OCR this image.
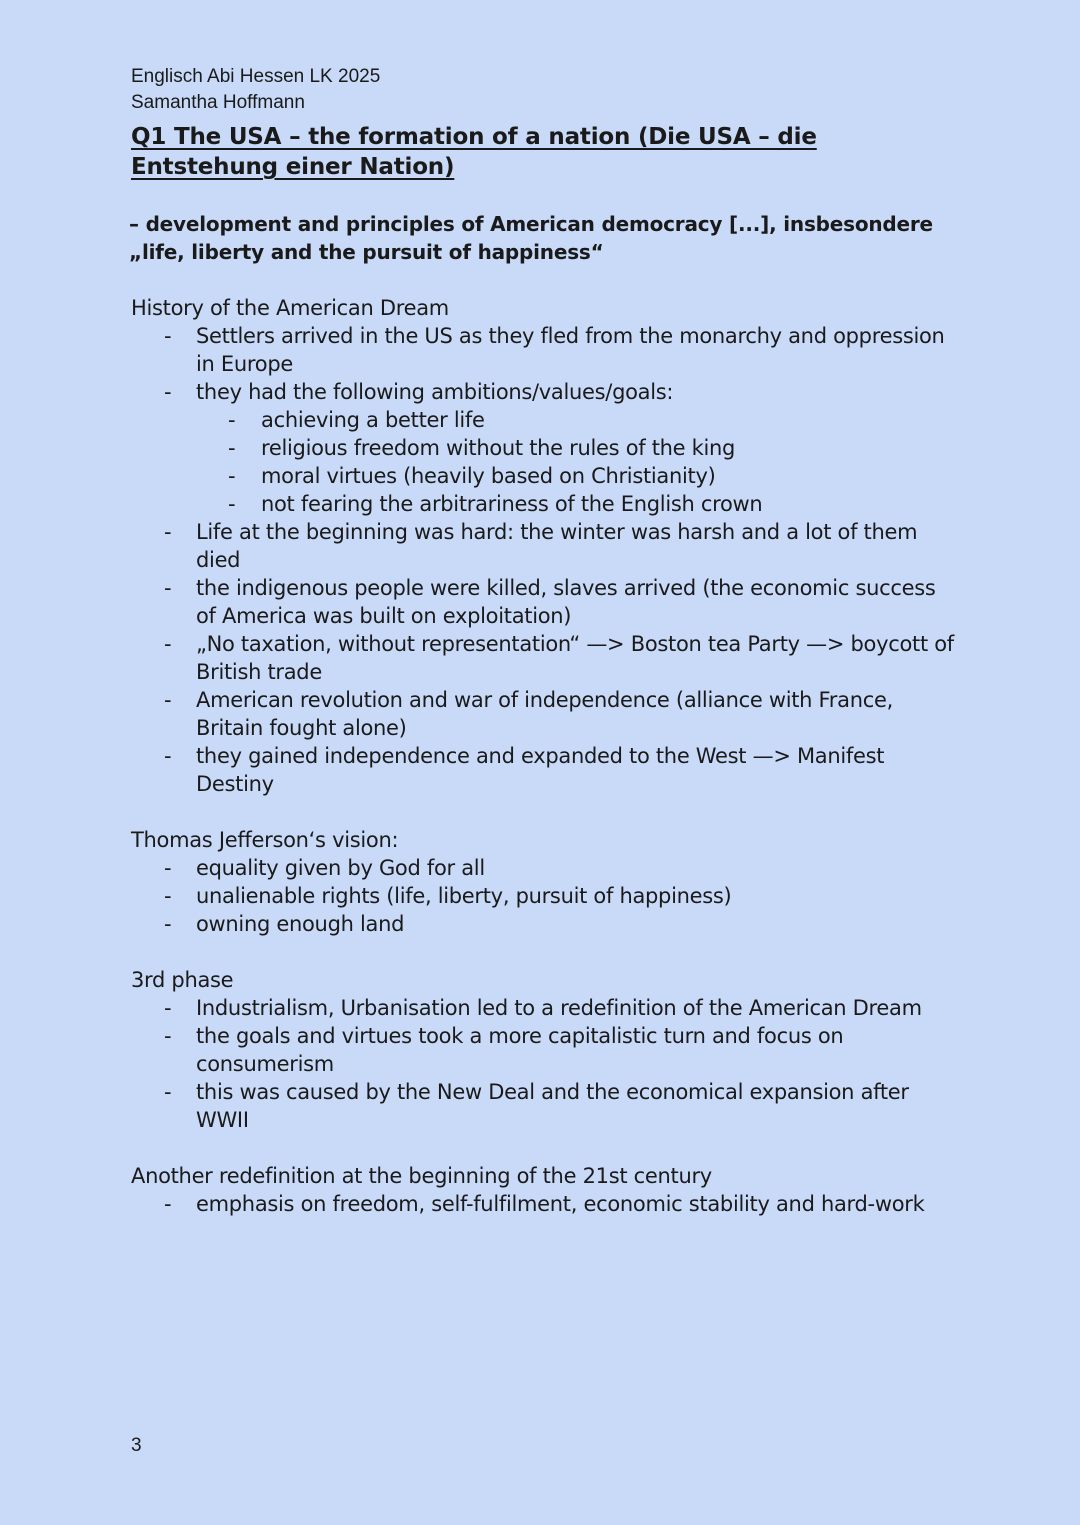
Englisch Abi Hessen LK 2025

Samantha Hoffmann

Q1 The USA – the formation of a nation (Die USA – die Entstehung einer Nation)

– development and principles of American democracy [...], insbesondere „life, liberty and the pursuit of happiness“

History of the American Dream

- Settlers arrived in the US as they fled from the monarchy and oppression in Europe
- they had the following ambitions/values/goals:
- achieving a better life
- religious freedom without the rules of the king
- moral virtues (heavily based on Christianity)
- not fearing the arbitrariness of the English crown
- Life at the beginning was hard: the winter was harsh and a lot of them died
- the indigenous people were killed, slaves arrived (the economic success of America was built on exploitation)
- „No taxation, without representation“ —> Boston tea Party —> boycott of British trade
- American revolution and war of independence (alliance with France, Britain fought alone)
- they gained independence and expanded to the West —> Manifest Destiny

Thomas Jefferson‘s vision:

- equality given by God for all
- unalienable rights (life, liberty, pursuit of happiness)
- owning enough land

3rd phase

- Industrialism, Urbanisation led to a redefinition of the American Dream
- the goals and virtues took a more capitalistic turn and focus on consumerism
- this was caused by the New Deal and the economical expansion after WWII

Another redefinition at the beginning of the 21st century

- emphasis on freedom, self-fulfilment, economic stability and hard-work
3
